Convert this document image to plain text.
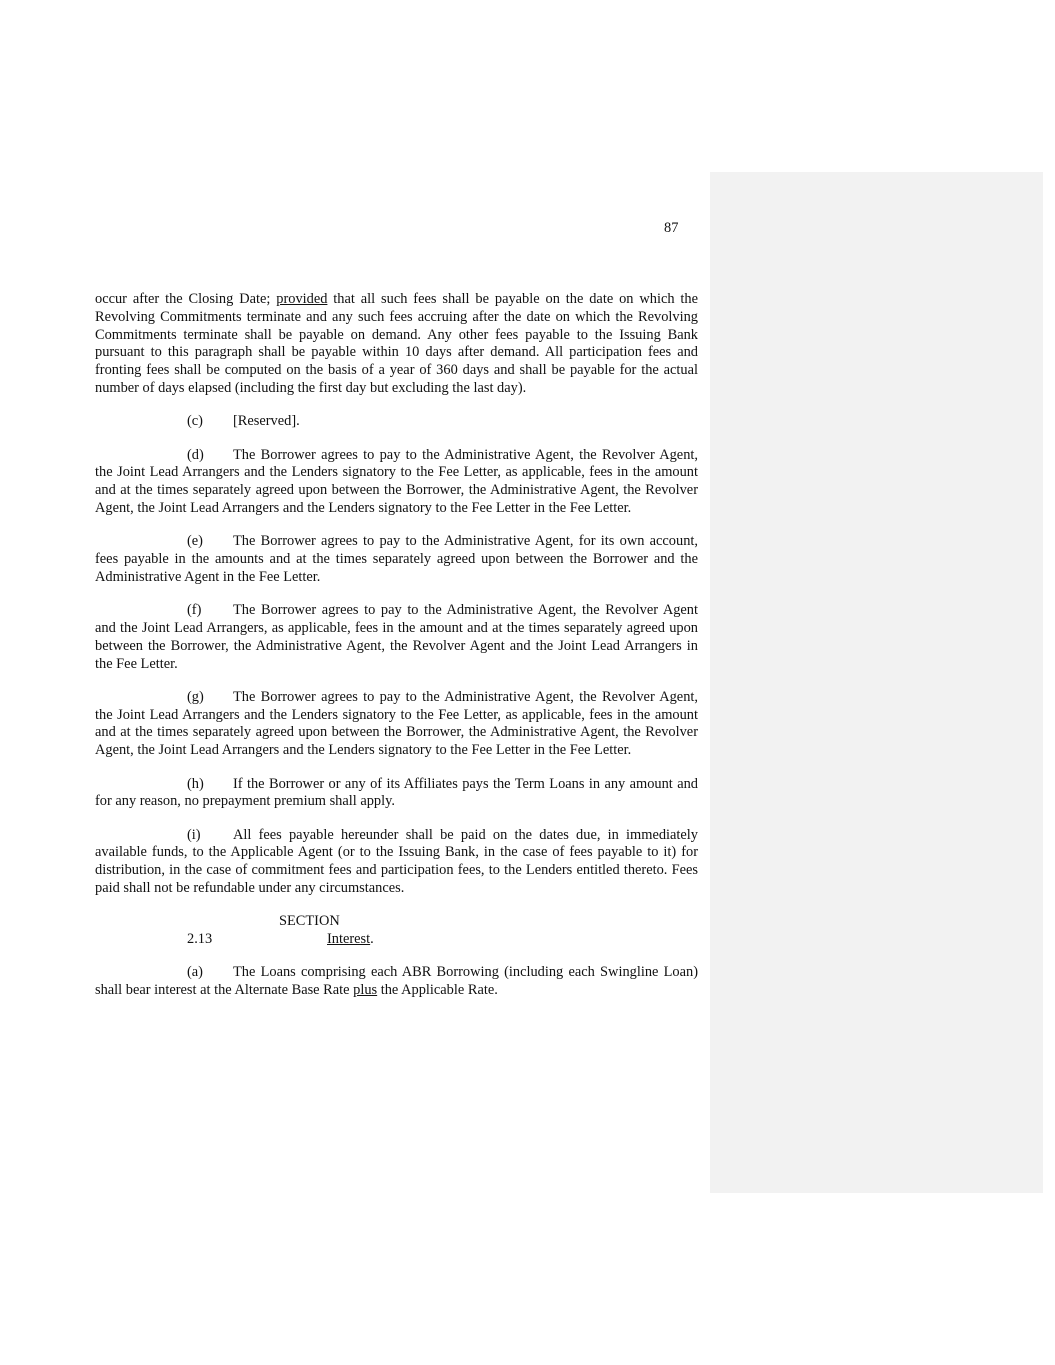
87

occur after the Closing Date; provided that all such fees shall be payable on the date on which the Revolving Commitments terminate and any such fees accruing after the date on which the Revolving Commitments terminate shall be payable on demand. Any other fees payable to the Issuing Bank pursuant to this paragraph shall be payable within 10 days after demand. All participation fees and fronting fees shall be computed on the basis of a year of 360 days and shall be payable for the actual number of days elapsed (including the first day but excluding the last day).

(c) [Reserved].

(d) The Borrower agrees to pay to the Administrative Agent, the Revolver Agent, the Joint Lead Arrangers and the Lenders signatory to the Fee Letter, as applicable, fees in the amount and at the times separately agreed upon between the Borrower, the Administrative Agent, the Revolver Agent, the Joint Lead Arrangers and the Lenders signatory to the Fee Letter in the Fee Letter.

(e) The Borrower agrees to pay to the Administrative Agent, for its own account, fees payable in the amounts and at the times separately agreed upon between the Borrower and the Administrative Agent in the Fee Letter.

(f) The Borrower agrees to pay to the Administrative Agent, the Revolver Agent and the Joint Lead Arrangers, as applicable, fees in the amount and at the times separately agreed upon between the Borrower, the Administrative Agent, the Revolver Agent and the Joint Lead Arrangers in the Fee Letter.

(g) The Borrower agrees to pay to the Administrative Agent, the Revolver Agent, the Joint Lead Arrangers and the Lenders signatory to the Fee Letter, as applicable, fees in the amount and at the times separately agreed upon between the Borrower, the Administrative Agent, the Revolver Agent, the Joint Lead Arrangers and the Lenders signatory to the Fee Letter in the Fee Letter.

(h) If the Borrower or any of its Affiliates pays the Term Loans in any amount and for any reason, no prepayment premium shall apply.

(i) All fees payable hereunder shall be paid on the dates due, in immediately available funds, to the Applicable Agent (or to the Issuing Bank, in the case of fees payable to it) for distribution, in the case of commitment fees and participation fees, to the Lenders entitled thereto. Fees paid shall not be refundable under any circumstances.

SECTION 2.13	Interest.

(a) The Loans comprising each ABR Borrowing (including each Swingline Loan) shall bear interest at the Alternate Base Rate plus the Applicable Rate.
